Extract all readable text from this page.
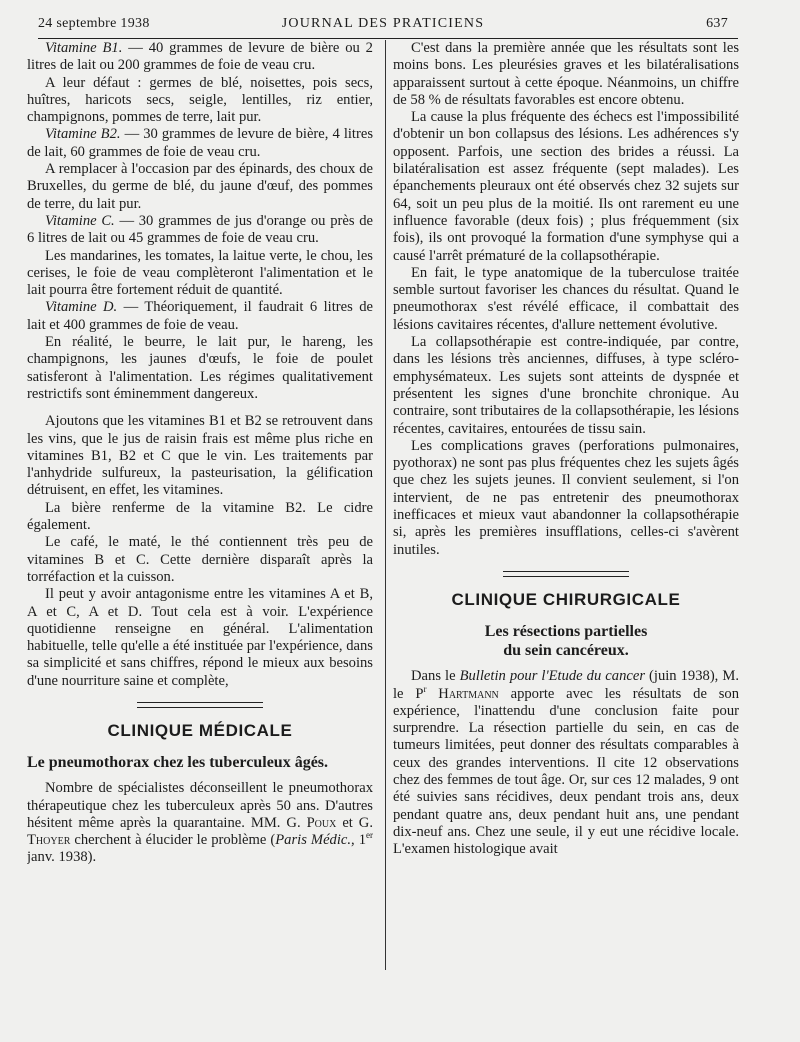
24 septembre 1938	JOURNAL DES PRATICIENS	637

Vitamine B1. — 40 grammes de levure de bière ou 2 litres de lait ou 200 grammes de foie de veau cru.

A leur défaut : germes de blé, noisettes, pois secs, huîtres, haricots secs, seigle, lentilles, riz entier, champignons, pommes de terre, lait pur.

Vitamine B2. — 30 grammes de levure de bière, 4 litres de lait, 60 grammes de foie de veau cru.

A remplacer à l'occasion par des épinards, des choux de Bruxelles, du germe de blé, du jaune d'œuf, des pommes de terre, du lait pur.

Vitamine C. — 30 grammes de jus d'orange ou près de 6 litres de lait ou 45 grammes de foie de veau cru.

Les mandarines, les tomates, la laitue verte, le chou, les cerises, le foie de veau complèteront l'alimentation et le lait pourra être fortement réduit de quantité.

Vitamine D. — Théoriquement, il faudrait 6 litres de lait et 400 grammes de foie de veau.

En réalité, le beurre, le lait pur, le hareng, les champignons, les jaunes d'œufs, le foie de poulet satisferont à l'alimentation. Les régimes qualitativement restrictifs sont éminemment dangereux.

Ajoutons que les vitamines B1 et B2 se retrouvent dans les vins, que le jus de raisin frais est même plus riche en vitamines B1, B2 et C que le vin. Les traitements par l'anhydride sulfureux, la pasteurisation, la gélification détruisent, en effet, les vitamines.

La bière renferme de la vitamine B2. Le cidre également.

Le café, le maté, le thé contiennent très peu de vitamines B et C. Cette dernière disparaît après la torréfaction et la cuisson.

Il peut y avoir antagonisme entre les vitamines A et B, A et C, A et D. Tout cela est à voir. L'expérience quotidienne renseigne en général. L'alimentation habituelle, telle qu'elle a été instituée par l'expérience, dans sa simplicité et sans chiffres, répond le mieux aux besoins d'une nourriture saine et complète,

CLINIQUE MÉDICALE
Le pneumothorax chez les tuberculeux âgés.

Nombre de spécialistes déconseillent le pneumothorax thérapeutique chez les tuberculeux après 50 ans. D'autres hésitent même après la quarantaine. MM. G. Poux et G. Thoyer cherchent à élucider le problème (Paris Médic., 1er janv. 1938).

C'est dans la première année que les résultats sont les moins bons. Les pleurésies graves et les bilatéralisations apparaissent surtout à cette époque. Néanmoins, un chiffre de 58 % de résultats favorables est encore obtenu.

La cause la plus fréquente des échecs est l'impossibilité d'obtenir un bon collapsus des lésions. Les adhérences s'y opposent. Parfois, une section des brides a réussi. La bilatéralisation est assez fréquente (sept malades). Les épanchements pleuraux ont été observés chez 32 sujets sur 64, soit un peu plus de la moitié. Ils ont rarement eu une influence favorable (deux fois) ; plus fréquemment (six fois), ils ont provoqué la formation d'une symphyse qui a causé l'arrêt prématuré de la collapsothérapie.

En fait, le type anatomique de la tuberculose traitée semble surtout favoriser les chances du résultat. Quand le pneumothorax s'est révélé efficace, il combattait des lésions cavitaires récentes, d'allure nettement évolutive.

La collapsothérapie est contre-indiquée, par contre, dans les lésions très anciennes, diffuses, à type scléro-emphysémateux. Les sujets sont atteints de dyspnée et présentent les signes d'une bronchite chronique. Au contraire, sont tributaires de la collapsothérapie, les lésions récentes, cavitaires, entourées de tissu sain.

Les complications graves (perforations pulmonaires, pyothorax) ne sont pas plus fréquentes chez les sujets âgés que chez les sujets jeunes. Il convient seulement, si l'on intervient, de ne pas entretenir des pneumothorax inefficaces et mieux vaut abandonner la collapsothérapie si, après les premières insufflations, celles-ci s'avèrent inutiles.

CLINIQUE CHIRURGICALE
Les résections partielles
du sein cancéreux.

Dans le Bulletin pour l'Etude du cancer (juin 1938), M. le $P^r$ Hartmann apporte avec les résultats de son expérience, l'inattendu d'une conclusion faite pour surprendre. La résection partielle du sein, en cas de tumeurs limitées, peut donner des résultats comparables à ceux des grandes interventions. Il cite 12 observations chez des femmes de tout âge. Or, sur ces 12 malades, 9 ont été suivies sans récidives, deux pendant trois ans, deux pendant quatre ans, deux pendant huit ans, une pendant dix-neuf ans. Chez une seule, il y eut une récidive locale. L'examen histologique avait
